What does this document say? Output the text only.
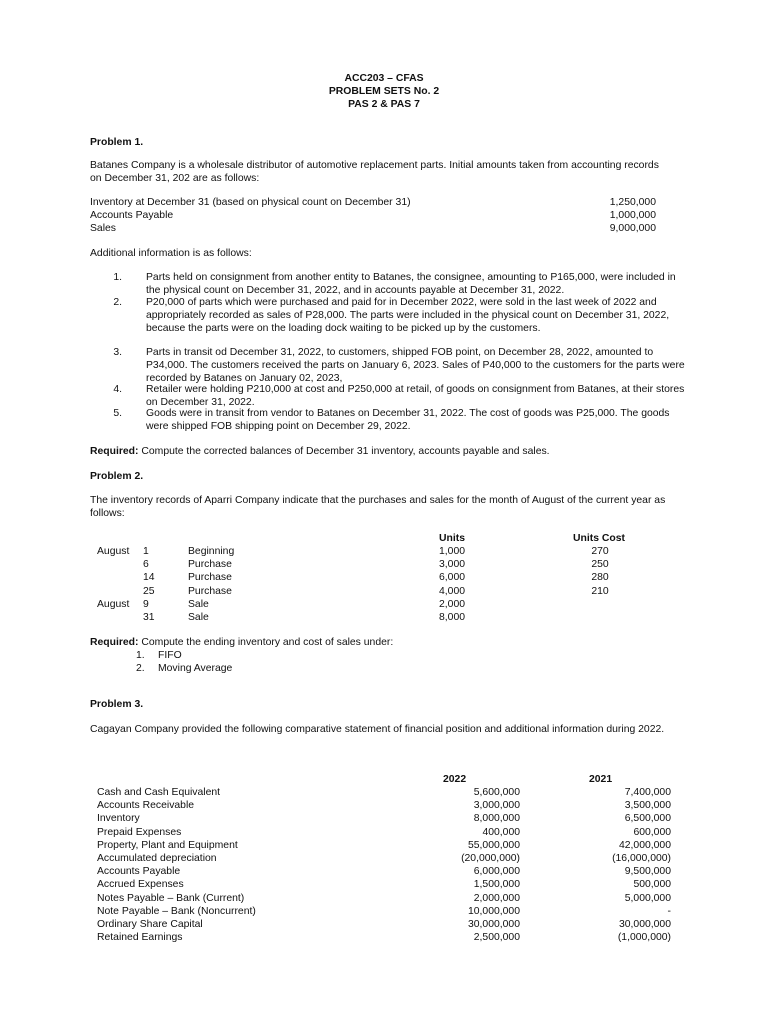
ACC203 – CFAS
PROBLEM SETS No. 2
PAS 2 & PAS 7
Problem 1.
Batanes Company is a wholesale distributor of automotive replacement parts. Initial amounts taken from accounting records on December 31, 202 are as follows:
Inventory at December 31 (based on physical count on December 31)	1,250,000
Accounts Payable	1,000,000
Sales	9,000,000
Additional information is as follows:
1. Parts held on consignment from another entity to Batanes, the consignee, amounting to P165,000, were included in the physical count on December 31, 2022, and in accounts payable at December 31, 2022.
2. P20,000 of parts which were purchased and paid for in December 2022, were sold in the last week of 2022 and appropriately recorded as sales of P28,000. The parts were included in the physical count on December 31, 2022, because the parts were on the loading dock waiting to be picked up by the customers.
3. Parts in transit od December 31, 2022, to customers, shipped FOB point, on December 28, 2022, amounted to P34,000. The customers received the parts on January 6, 2023. Sales of P40,000 to the customers for the parts were recorded by Batanes on January 02, 2023,
4. Retailer were holding P210,000 at cost and P250,000 at retail, of goods on consignment from Batanes, at their stores on December 31, 2022.
5. Goods were in transit from vendor to Batanes on December 31, 2022. The cost of goods was P25,000. The goods were shipped FOB shipping point on December 29, 2022.
Required: Compute the corrected balances of December 31 inventory, accounts payable and sales.
Problem 2.
The inventory records of Aparri Company indicate that the purchases and sales for the month of August of the current year as follows:
Units	Units Cost
August 1	Beginning	1,000	270
6	Purchase	3,000	250
14	Purchase	6,000	280
25	Purchase	4,000	210
August 9	Sale	2,000
31	Sale	8,000
Required: Compute the ending inventory and cost of sales under:
1. FIFO
2. Moving Average
Problem 3.
Cagayan Company provided the following comparative statement of financial position and additional information during 2022.
2022	2021
Cash and Cash Equivalent	5,600,000	7,400,000
Accounts Receivable	3,000,000	3,500,000
Inventory	8,000,000	6,500,000
Prepaid Expenses	400,000	600,000
Property, Plant and Equipment	55,000,000	42,000,000
Accumulated depreciation	(20,000,000)	(16,000,000)
Accounts Payable	6,000,000	9,500,000
Accrued Expenses	1,500,000	500,000
Notes Payable – Bank (Current)	2,000,000	5,000,000
Note Payable – Bank (Noncurrent)	10,000,000	-
Ordinary Share Capital	30,000,000	30,000,000
Retained Earnings	2,500,000	(1,000,000)
